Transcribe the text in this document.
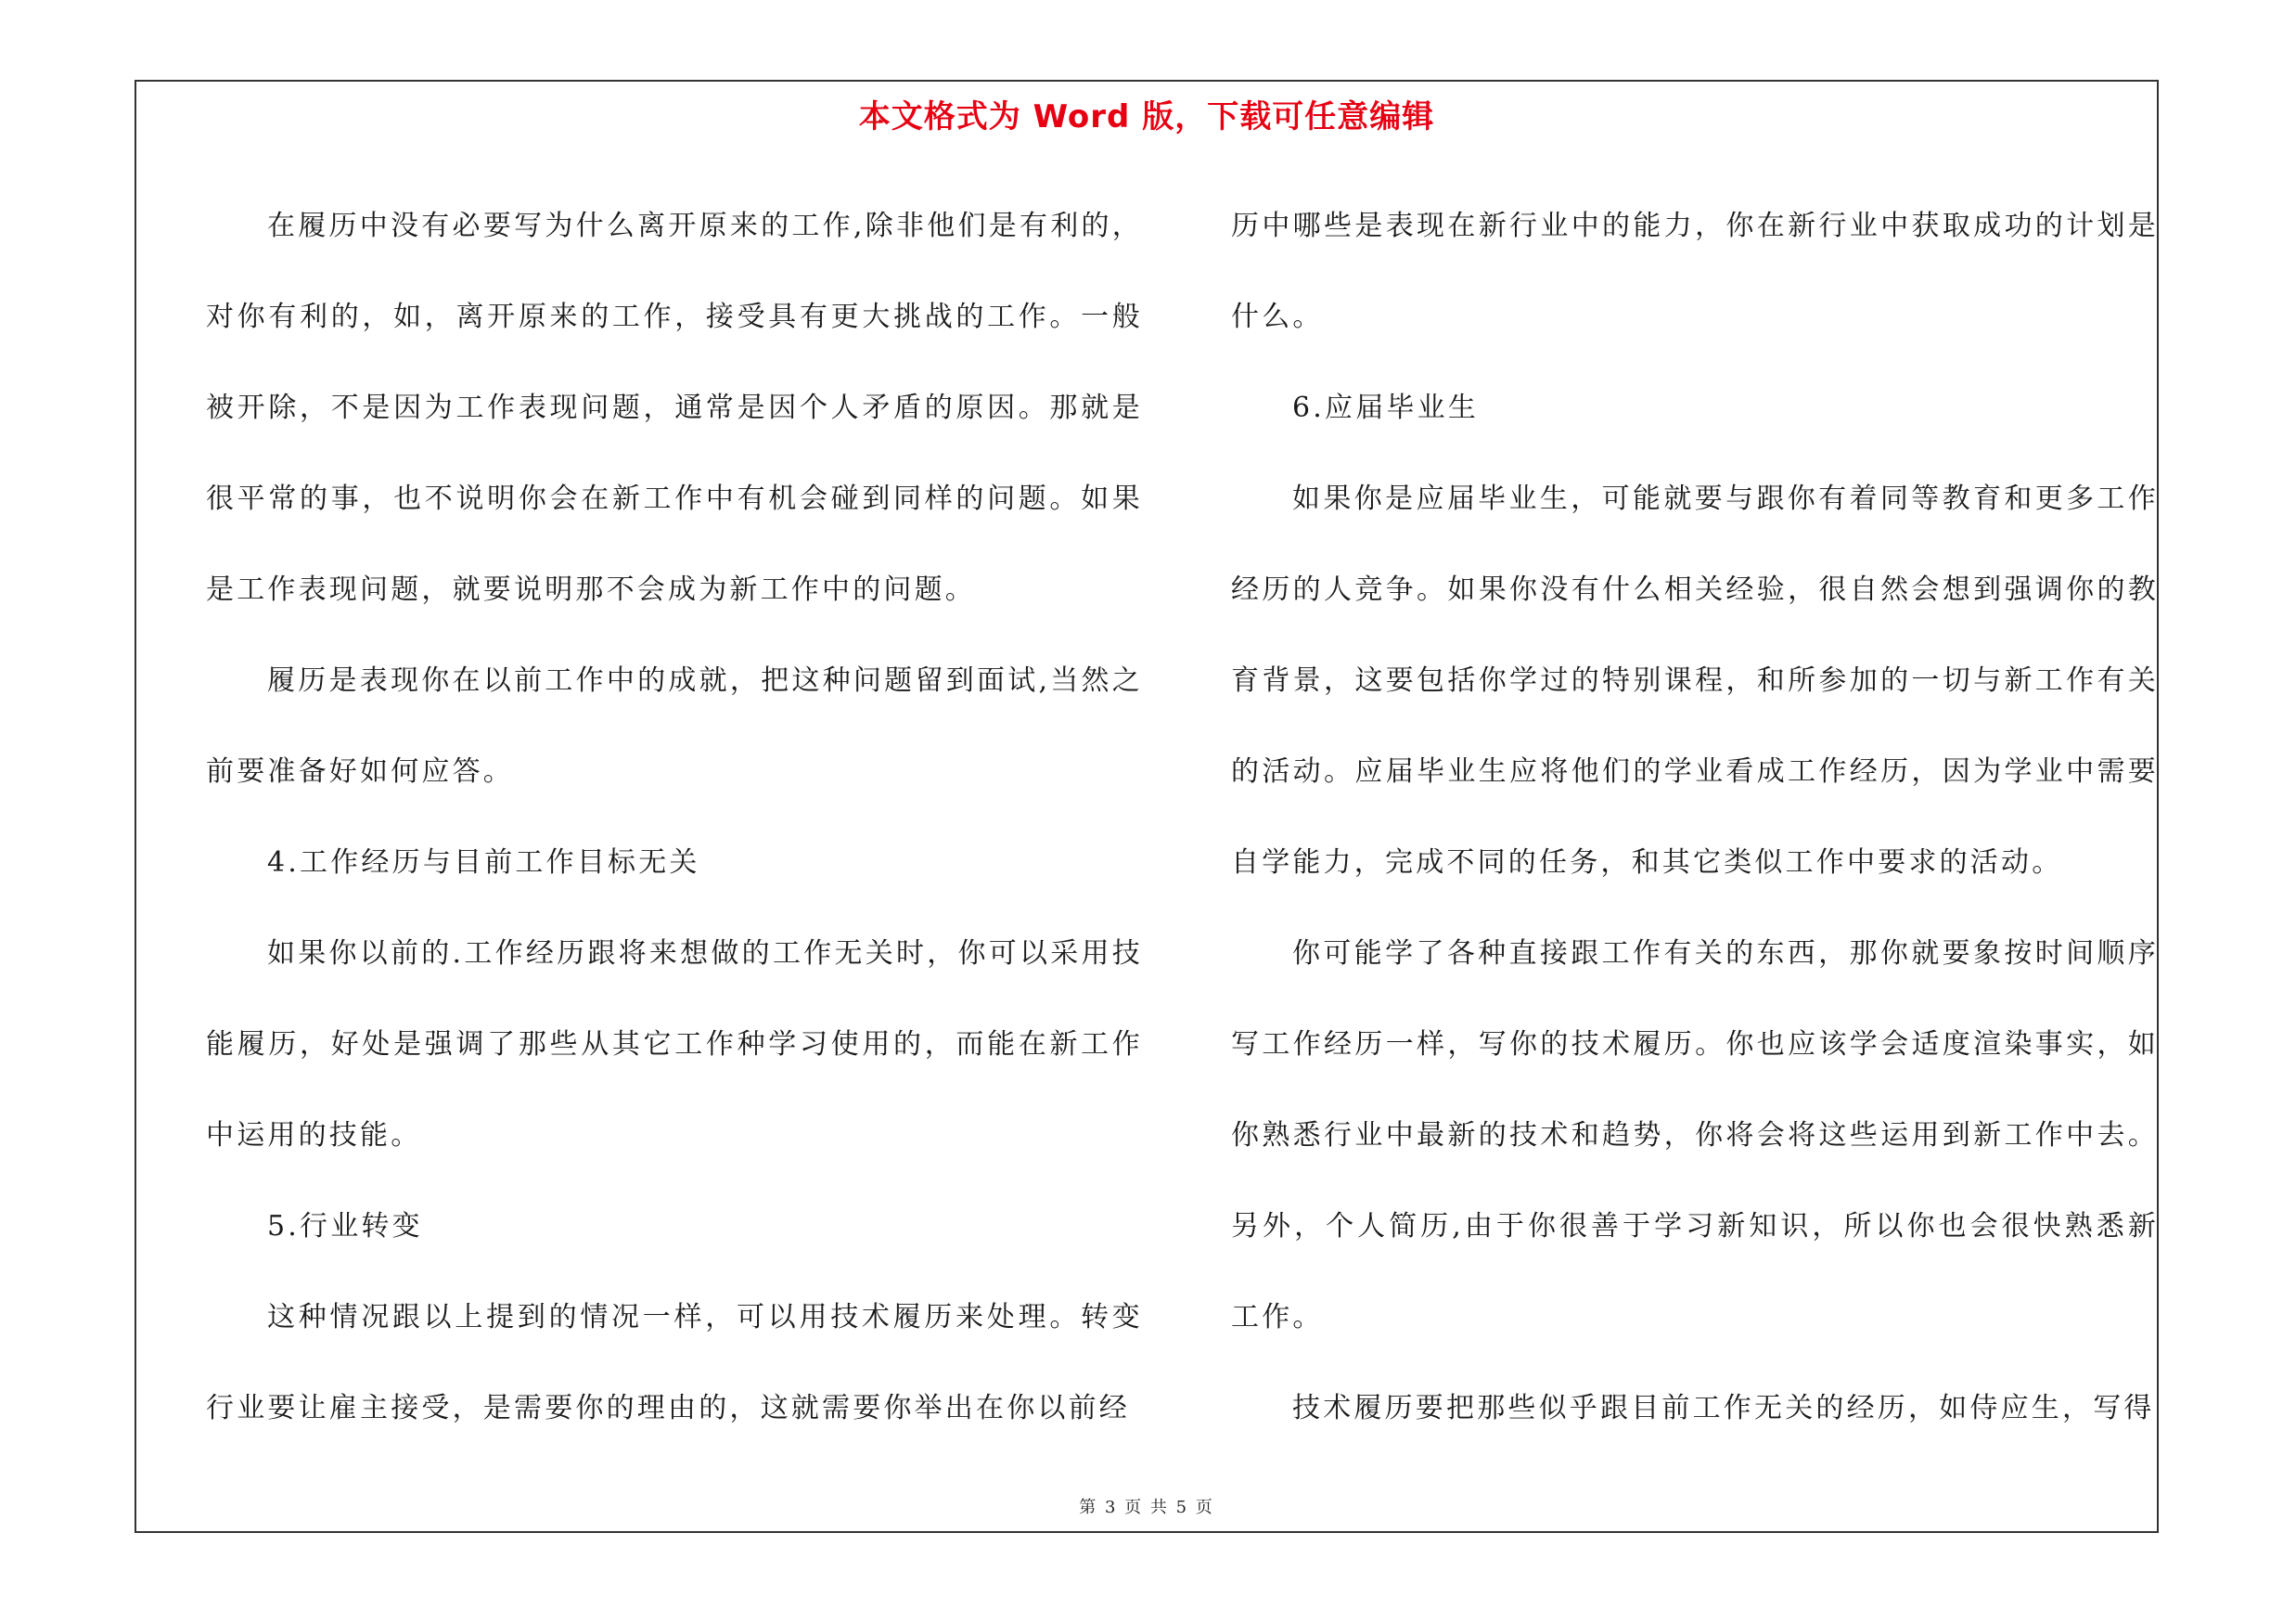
本文格式为 Word 版，下载可任意编辑

在履历中没有必要写为什么离开原来的工作,除非他们是有利的，对你有利的，如，离开原来的工作，接受具有更大挑战的工作。一般被开除，不是因为工作表现问题，通常是因个人矛盾的原因。那就是很平常的事，也不说明你会在新工作中有机会碰到同样的问题。如果是工作表现问题，就要说明那不会成为新工作中的问题。

履历是表现你在以前工作中的成就，把这种问题留到面试,当然之前要准备好如何应答。

4.工作经历与目前工作目标无关

如果你以前的.工作经历跟将来想做的工作无关时，你可以采用技能履历，好处是强调了那些从其它工作种学习使用的，而能在新工作中运用的技能。

5.行业转变

这种情况跟以上提到的情况一样，可以用技术履历来处理。转变行业要让雇主接受，是需要你的理由的，这就需要你举出在你以前经

历中哪些是表现在新行业中的能力，你在新行业中获取成功的计划是什么。

6.应届毕业生

如果你是应届毕业生，可能就要与跟你有着同等教育和更多工作经历的人竞争。如果你没有什么相关经验，很自然会想到强调你的教育背景，这要包括你学过的特别课程，和所参加的一切与新工作有关的活动。应届毕业生应将他们的学业看成工作经历，因为学业中需要自学能力，完成不同的任务，和其它类似工作中要求的活动。

你可能学了各种直接跟工作有关的东西，那你就要象按时间顺序写工作经历一样，写你的技术履历。你也应该学会适度渲染事实，如你熟悉行业中最新的技术和趋势，你将会将这些运用到新工作中去。另外，个人简历,由于你很善于学习新知识，所以你也会很快熟悉新工作。

技术履历要把那些似乎跟目前工作无关的经历，如侍应生，写得

第 3 页 共 5 页
